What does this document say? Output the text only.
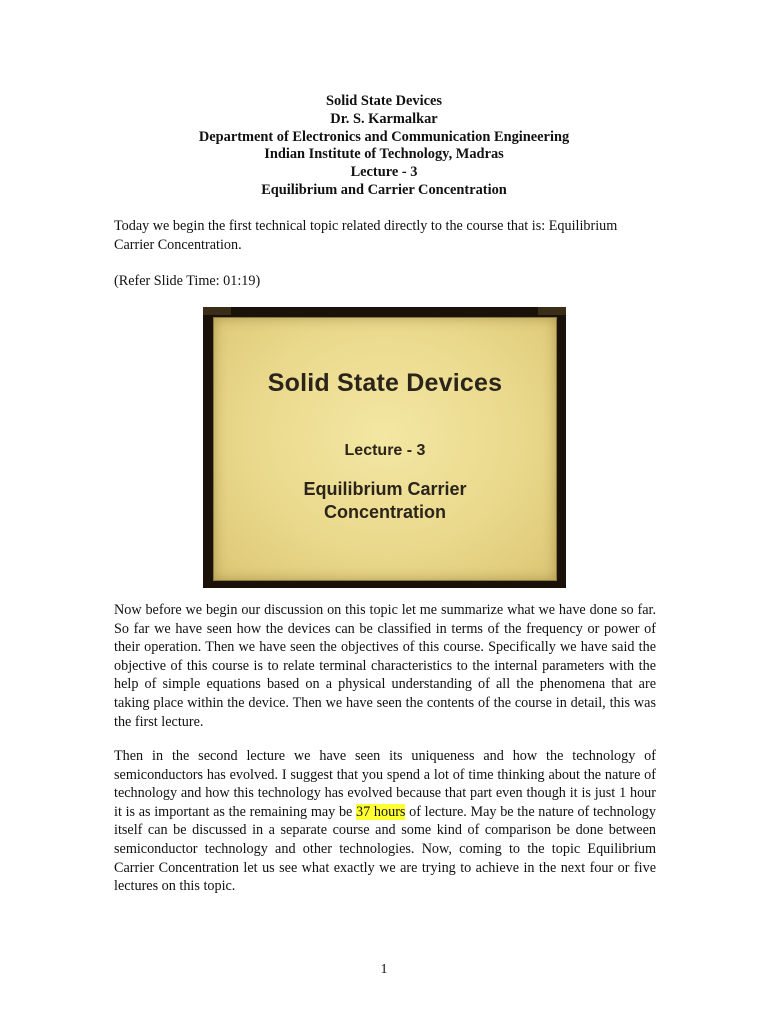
Solid State Devices
Dr. S. Karmalkar
Department of Electronics and Communication Engineering
Indian Institute of Technology, Madras
Lecture - 3
Equilibrium and Carrier Concentration

Today we begin the first technical topic related directly to the course that is: Equilibrium Carrier Concentration.

(Refer Slide Time: 01:19)

Solid State Devices
Lecture - 3
Equilibrium Carrier
Concentration

Now before we begin our discussion on this topic let me summarize what we have done so far. So far we have seen how the devices can be classified in terms of the frequency or power of their operation. Then we have seen the objectives of this course. Specifically we have said the objective of this course is to relate terminal characteristics to the internal parameters with the help of simple equations based on a physical understanding of all the phenomena that are taking place within the device. Then we have seen the contents of the course in detail, this was the first lecture.

Then in the second lecture we have seen its uniqueness and how the technology of semiconductors has evolved. I suggest that you spend a lot of time thinking about the nature of technology and how this technology has evolved because that part even though it is just 1 hour it is as important as the remaining may be 37 hours of lecture. May be the nature of technology itself can be discussed in a separate course and some kind of comparison be done between semiconductor technology and other technologies. Now, coming to the topic Equilibrium Carrier Concentration let us see what exactly we are trying to achieve in the next four or five lectures on this topic.

1
